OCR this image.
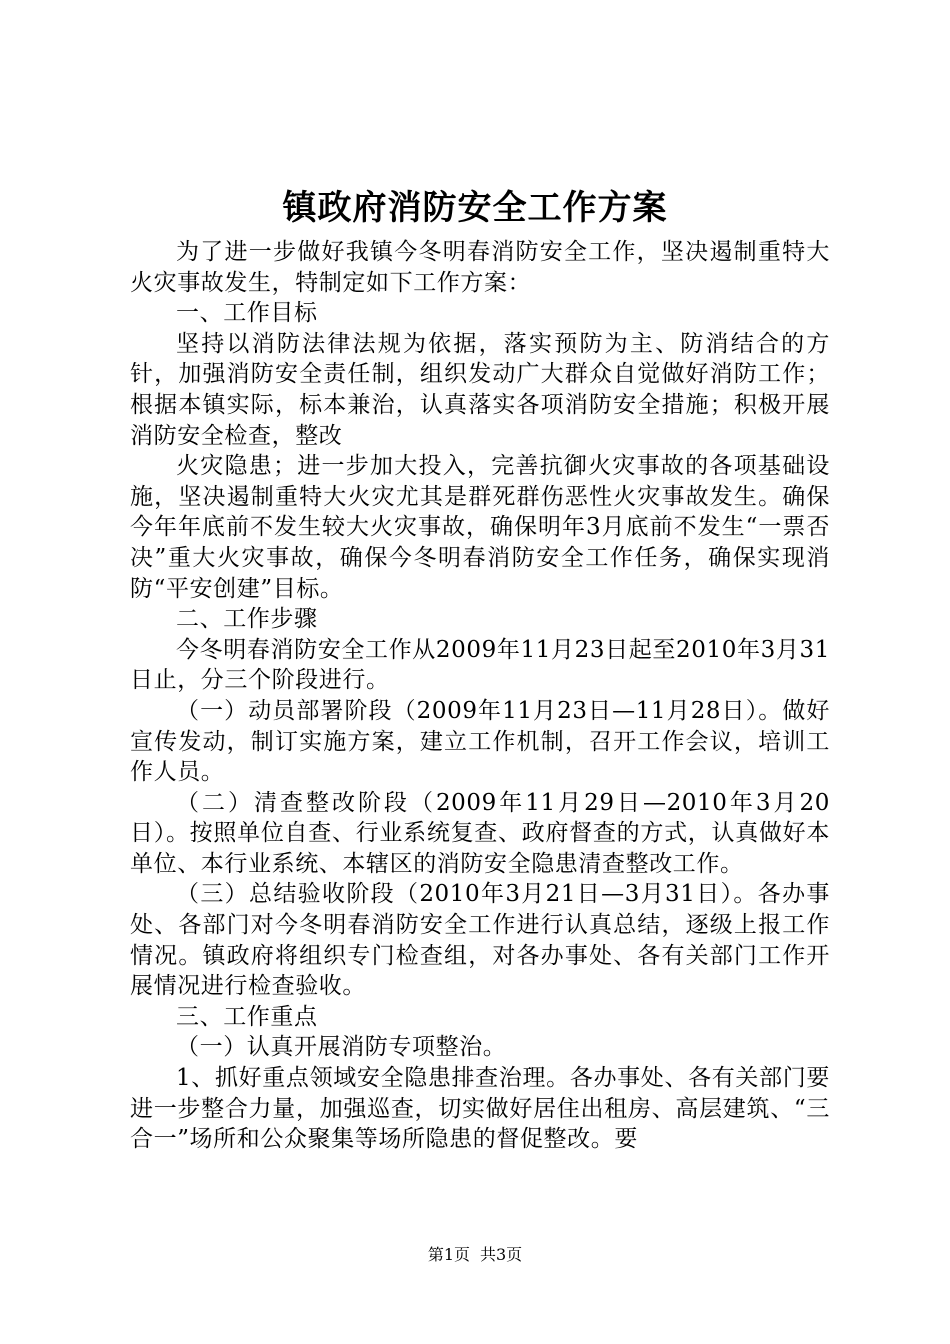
镇政府消防安全工作方案

为了进一步做好我镇今冬明春消防安全工作，坚决遏制重特大火灾事故发生，特制定如下工作方案：

一、工作目标

坚持以消防法律法规为依据，落实预防为主、防消结合的方针，加强消防安全责任制，组织发动广大群众自觉做好消防工作；根据本镇实际，标本兼治，认真落实各项消防安全措施；积极开展消防安全检查，整改

火灾隐患；进一步加大投入，完善抗御火灾事故的各项基础设施，坚决遏制重特大火灾尤其是群死群伤恶性火灾事故发生。确保今年年底前不发生较大火灾事故，确保明年3月底前不发生“一票否决”重大火灾事故，确保今冬明春消防安全工作任务，确保实现消防“平安创建”目标。

二、工作步骤

今冬明春消防安全工作从2009年11月23日起至2010年3月31日止，分三个阶段进行。

（一）动员部署阶段（2009年11月23日—11月28日）。做好宣传发动，制订实施方案，建立工作机制，召开工作会议，培训工作人员。

（二）清查整改阶段（2009年11月29日—2010年3月20日）。按照单位自查、行业系统复查、政府督查的方式，认真做好本单位、本行业系统、本辖区的消防安全隐患清查整改工作。

（三）总结验收阶段（2010年3月21日—3月31日）。各办事处、各部门对今冬明春消防安全工作进行认真总结，逐级上报工作情况。镇政府将组织专门检查组，对各办事处、各有关部门工作开展情况进行检查验收。

三、工作重点

（一）认真开展消防专项整治。

1、抓好重点领域安全隐患排查治理。各办事处、各有关部门要进一步整合力量，加强巡查，切实做好居住出租房、高层建筑、“三合一”场所和公众聚集等场所隐患的督促整改。要

第1页 共3页
